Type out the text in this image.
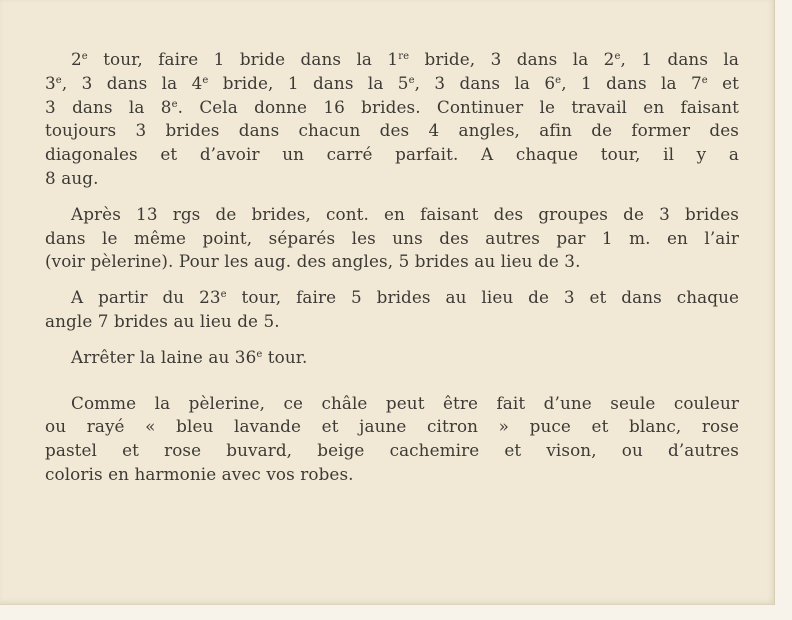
2e tour, faire 1 bride dans la 1re bride, 3 dans la 2e, 1 dans la
3e, 3 dans la 4e bride, 1 dans la 5e, 3 dans la 6e, 1 dans la 7e et
3 dans la 8e. Cela donne 16 brides. Continuer le travail en faisant
toujours 3 brides dans chacun des 4 angles, afin de former des
diagonales et d’avoir un carré parfait. A chaque tour, il y a
8 aug.
Après 13 rgs de brides, cont. en faisant des groupes de 3 brides
dans le même point, séparés les uns des autres par 1 m. en l’air
(voir pèlerine). Pour les aug. des angles, 5 brides au lieu de 3.
A partir du 23e tour, faire 5 brides au lieu de 3 et dans chaque
angle 7 brides au lieu de 5.
Arrêter la laine au 36e tour.
Comme la pèlerine, ce châle peut être fait d’une seule couleur
ou rayé « bleu lavande et jaune citron » puce et blanc, rose
pastel et rose buvard, beige cachemire et vison, ou d’autres
coloris en harmonie avec vos robes.
